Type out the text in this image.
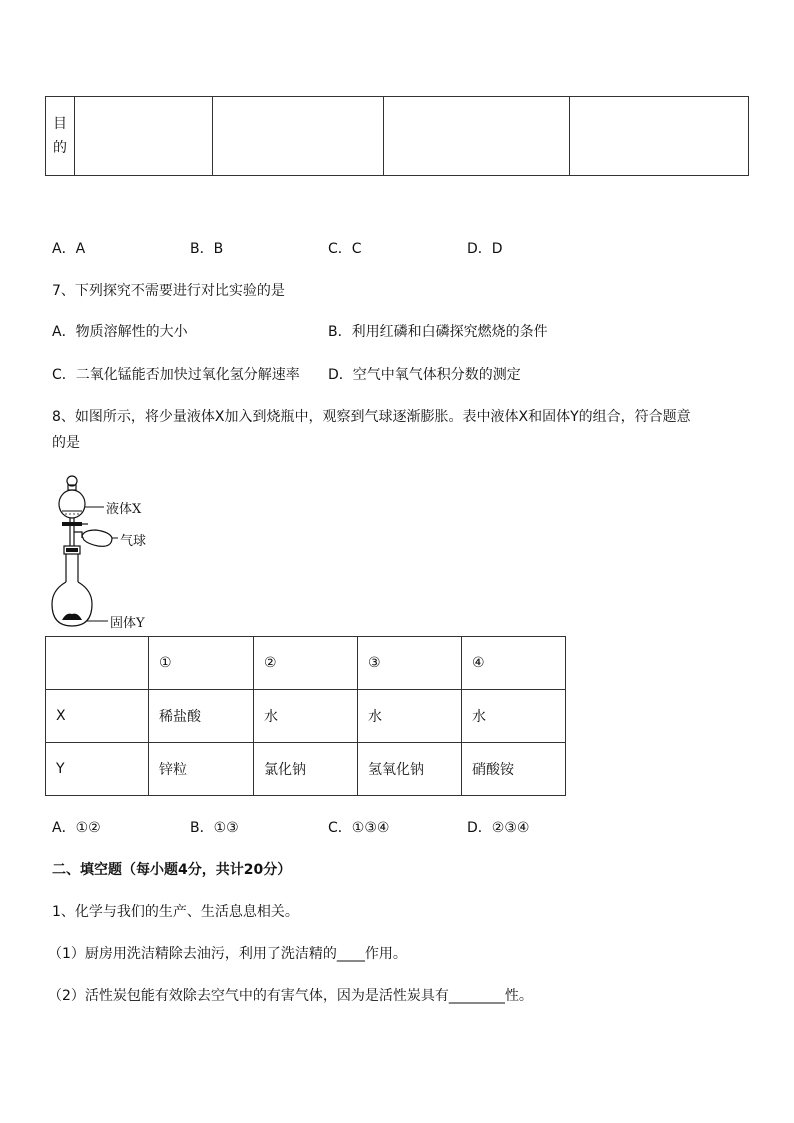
目
的

A．A	B．B	C．C	D．D
7、下列探究不需要进行对比实验的是
A．物质溶解性的大小	B．利用红磷和白磷探究燃烧的条件
C．二氧化锰能否加快过氧化氢分解速率 D．空气中氧气体积分数的测定
8、如图所示，将少量液体X加入到烧瓶中，观察到气球逐渐膨胀。表中液体X和固体Y的组合，符合题意
的是
液体X
气球
固体Y
	①	②	③	④
X	稀盐酸	水	水	水
Y	锌粒	氯化钠	氢氧化钠	硝酸铵
A．①②	B．①③	C．①③④	D．②③④
二、填空题（每小题4分，共计20分）
1、化学与我们的生产、生活息息相关。
（1）厨房用洗洁精除去油污，利用了洗洁精的____作用。
（2）活性炭包能有效除去空气中的有害气体，因为是活性炭具有________性。
